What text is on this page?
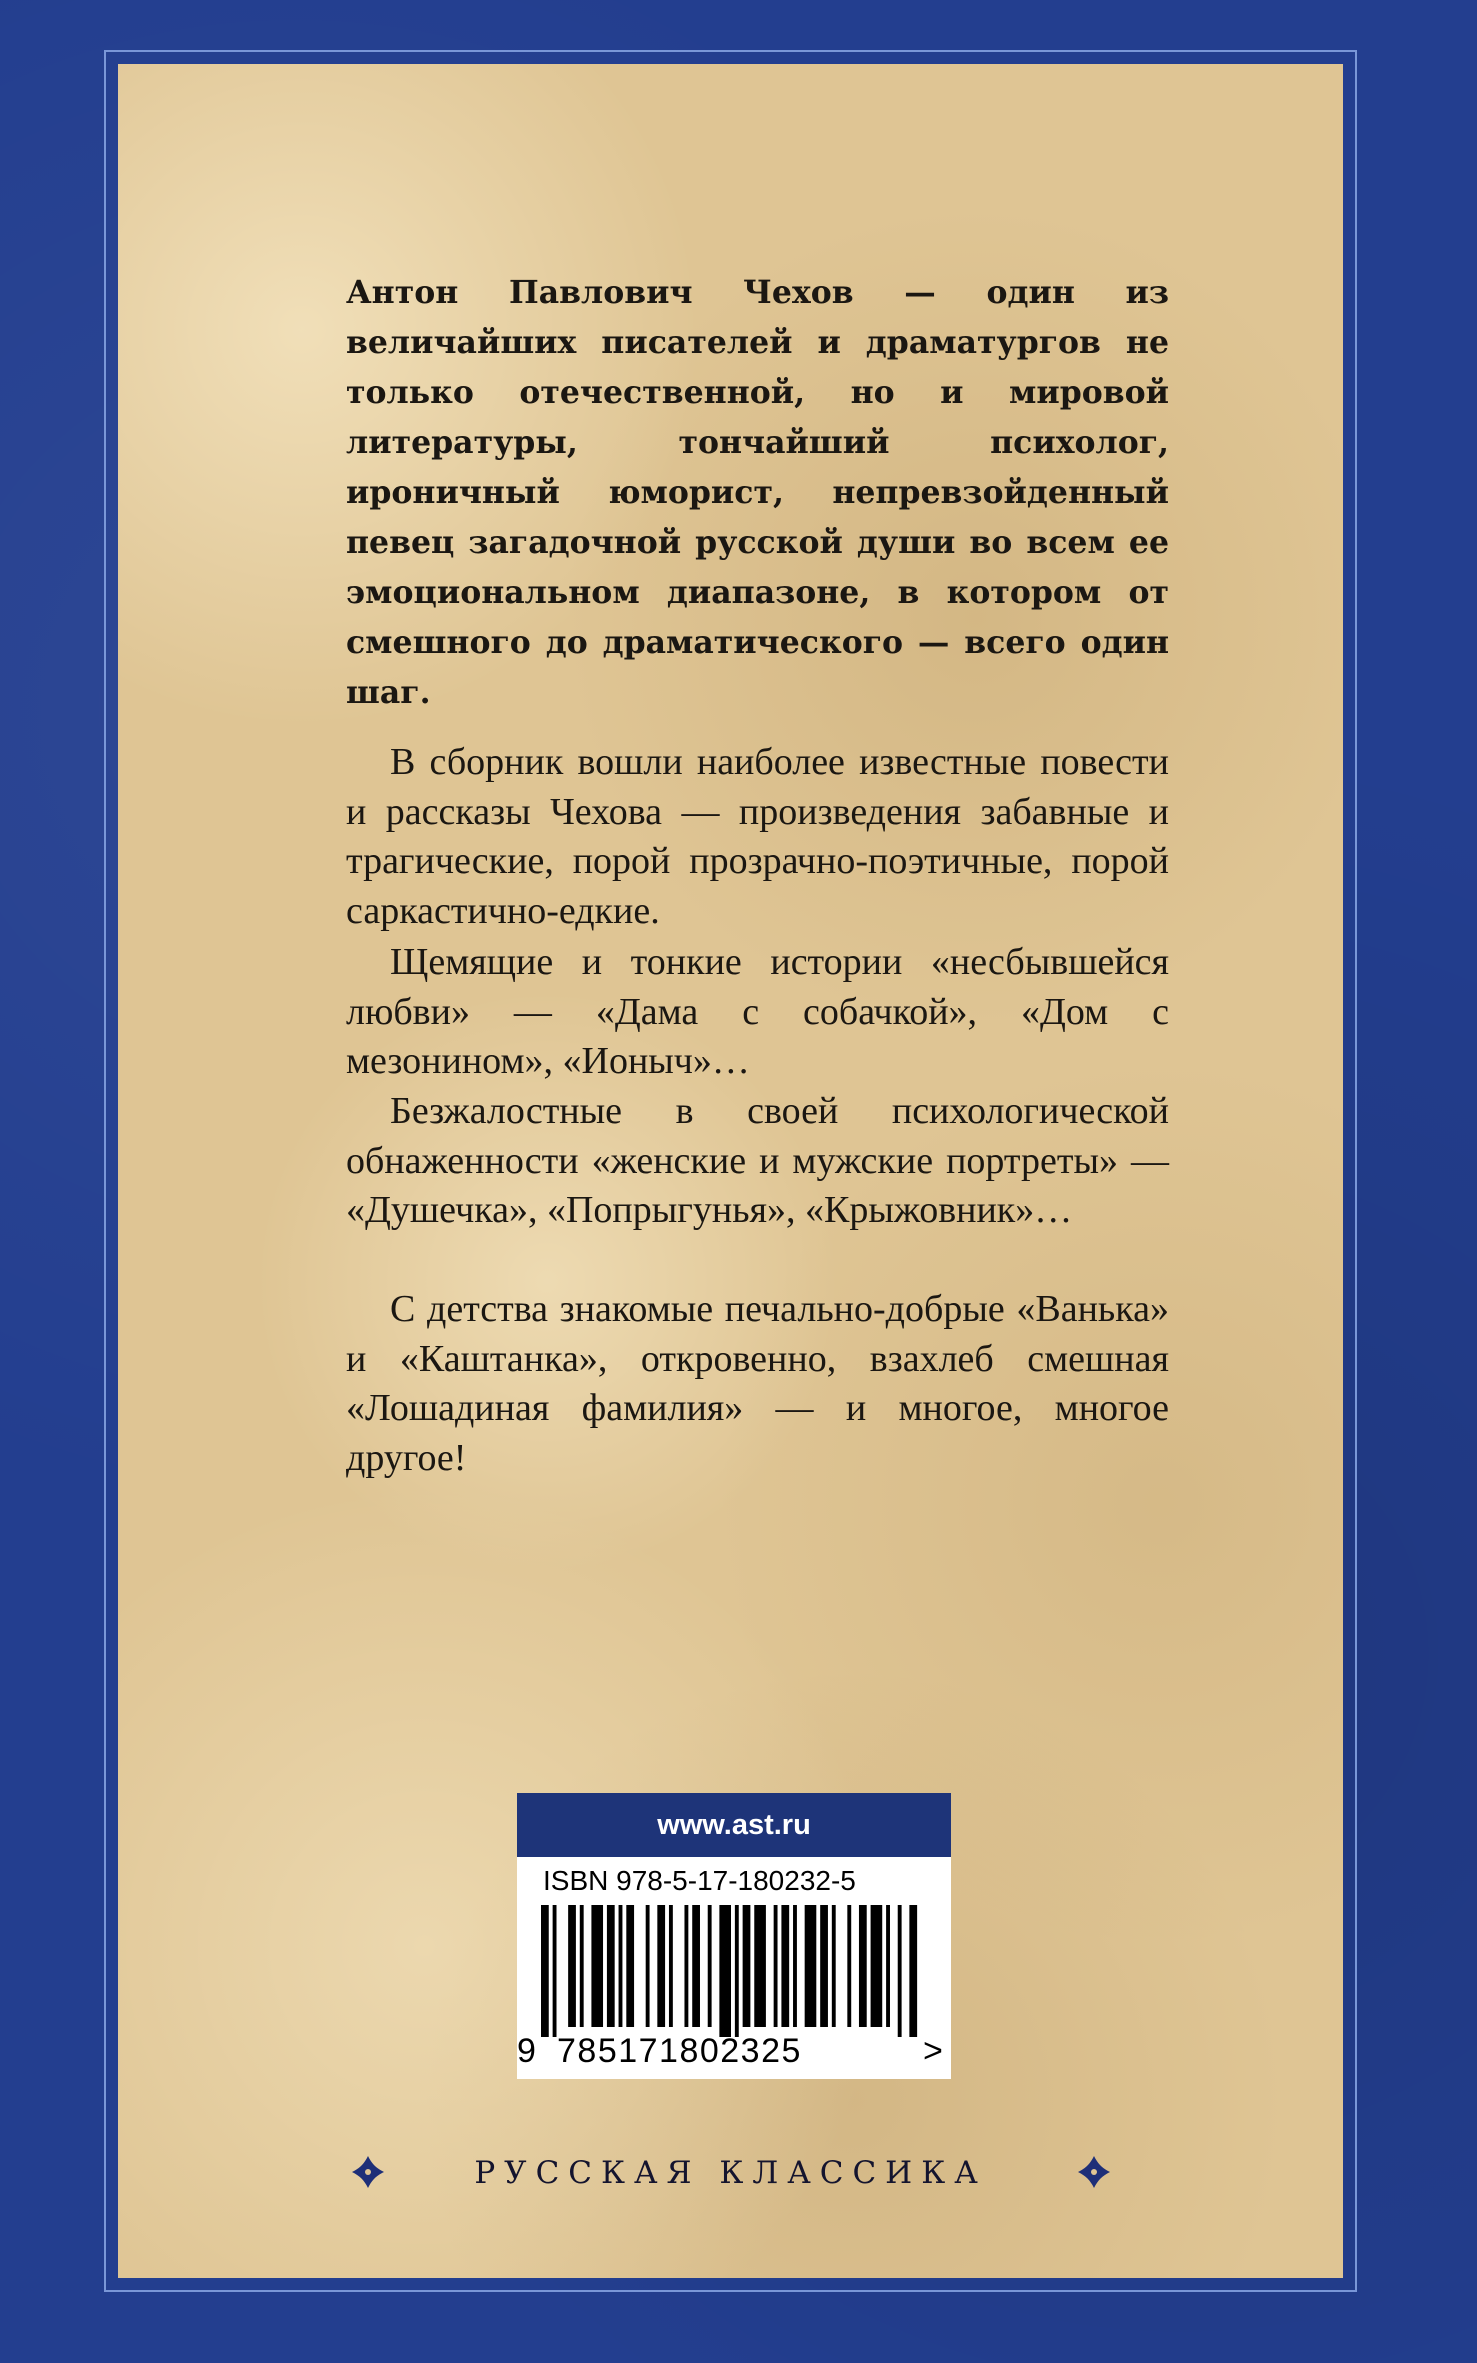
Антон Павлович Чехов — один из величайших писателей и драматургов не только отечественной, но и мировой литературы, тончайший психолог, ироничный юморист, непревзойденный певец загадочной русской души во всем ее эмоциональном диапазоне, в котором от смешного до драматического — всего один шаг.

В сборник вошли наиболее известные повести и рассказы Чехова — произведения забавные и трагические, порой прозрачно-поэтичные, порой саркастично-едкие.

Щемящие и тонкие истории «несбывшейся любви» — «Дама с собачкой», «Дом с мезонином», «Ионыч»…

Безжалостные в своей психологической обнаженности «женские и мужские портреты» — «Душечка», «Попрыгунья», «Крыжовник»…

С детства знакомые печально-добрые «Ванька» и «Каштанка», откровенно, взахлеб смешная «Лошадиная фамилия» — и многое, многое другое!

www.ast.ru
ISBN 978-5-17-180232-5
9 785171802325	>
РУССКАЯ КЛАССИКА
